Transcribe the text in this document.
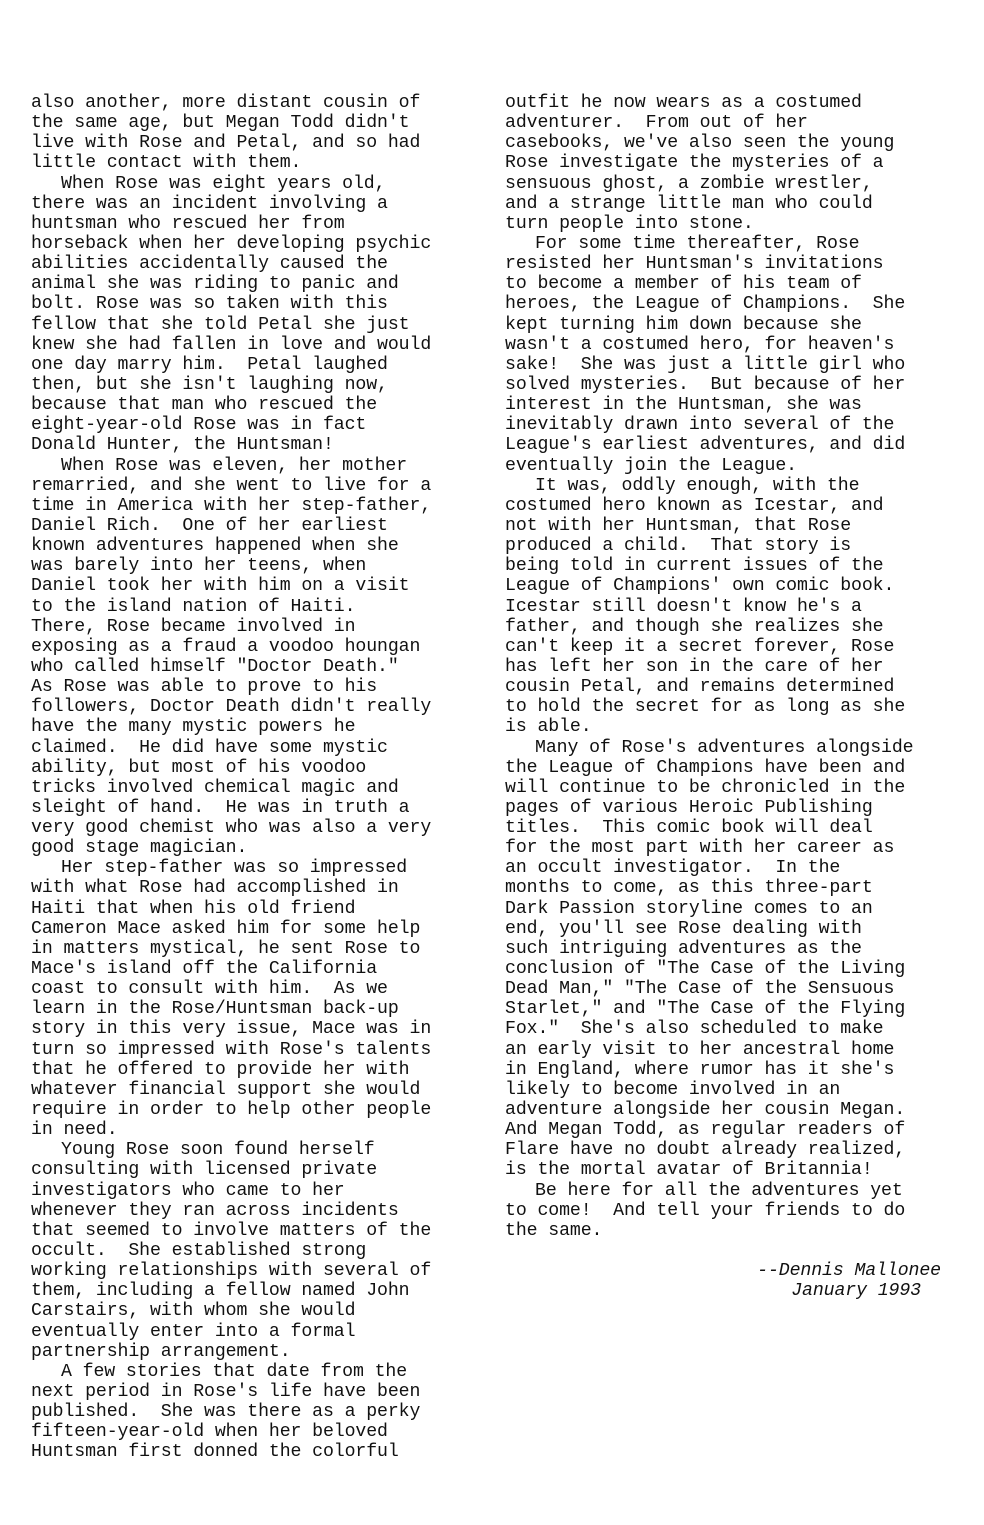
also another, more distant cousin of
the same age, but Megan Todd didn't
live with Rose and Petal, and so had
little contact with them.
When Rose was eight years old,
there was an incident involving a
huntsman who rescued her from
horseback when her developing psychic
abilities accidentally caused the
animal she was riding to panic and
bolt. Rose was so taken with this
fellow that she told Petal she just
knew she had fallen in love and would
one day marry him.  Petal laughed
then, but she isn't laughing now,
because that man who rescued the
eight-year-old Rose was in fact
Donald Hunter, the Huntsman!
When Rose was eleven, her mother
remarried, and she went to live for a
time in America with her step-father,
Daniel Rich.  One of her earliest
known adventures happened when she
was barely into her teens, when
Daniel took her with him on a visit
to the island nation of Haiti.
There, Rose became involved in
exposing as a fraud a voodoo houngan
who called himself "Doctor Death."
As Rose was able to prove to his
followers, Doctor Death didn't really
have the many mystic powers he
claimed.  He did have some mystic
ability, but most of his voodoo
tricks involved chemical magic and
sleight of hand.  He was in truth a
very good chemist who was also a very
good stage magician.
Her step-father was so impressed
with what Rose had accomplished in
Haiti that when his old friend
Cameron Mace asked him for some help
in matters mystical, he sent Rose to
Mace's island off the California
coast to consult with him.  As we
learn in the Rose/Huntsman back-up
story in this very issue, Mace was in
turn so impressed with Rose's talents
that he offered to provide her with
whatever financial support she would
require in order to help other people
in need.
Young Rose soon found herself
consulting with licensed private
investigators who came to her
whenever they ran across incidents
that seemed to involve matters of the
occult.  She established strong
working relationships with several of
them, including a fellow named John
Carstairs, with whom she would
eventually enter into a formal
partnership arrangement.
A few stories that date from the
next period in Rose's life have been
published.  She was there as a perky
fifteen-year-old when her beloved
Huntsman first donned the colorful
outfit he now wears as a costumed
adventurer.  From out of her
casebooks, we've also seen the young
Rose investigate the mysteries of a
sensuous ghost, a zombie wrestler,
and a strange little man who could
turn people into stone.
For some time thereafter, Rose
resisted her Huntsman's invitations
to become a member of his team of
heroes, the League of Champions.  She
kept turning him down because she
wasn't a costumed hero, for heaven's
sake!  She was just a little girl who
solved mysteries.  But because of her
interest in the Huntsman, she was
inevitably drawn into several of the
League's earliest adventures, and did
eventually join the League.
It was, oddly enough, with the
costumed hero known as Icestar, and
not with her Huntsman, that Rose
produced a child.  That story is
being told in current issues of the
League of Champions' own comic book.
Icestar still doesn't know he's a
father, and though she realizes she
can't keep it a secret forever, Rose
has left her son in the care of her
cousin Petal, and remains determined
to hold the secret for as long as she
is able.
Many of Rose's adventures alongside
the League of Champions have been and
will continue to be chronicled in the
pages of various Heroic Publishing
titles.  This comic book will deal
for the most part with her career as
an occult investigator.  In the
months to come, as this three-part
Dark Passion storyline comes to an
end, you'll see Rose dealing with
such intriguing adventures as the
conclusion of "The Case of the Living
Dead Man," "The Case of the Sensuous
Starlet," and "The Case of the Flying
Fox."  She's also scheduled to make
an early visit to her ancestral home
in England, where rumor has it she's
likely to become involved in an
adventure alongside her cousin Megan.
And Megan Todd, as regular readers of
Flare have no doubt already realized,
is the mortal avatar of Britannia!
Be here for all the adventures yet
to come!  And tell your friends to do
the same.

--Dennis Mallonee
January 1993
